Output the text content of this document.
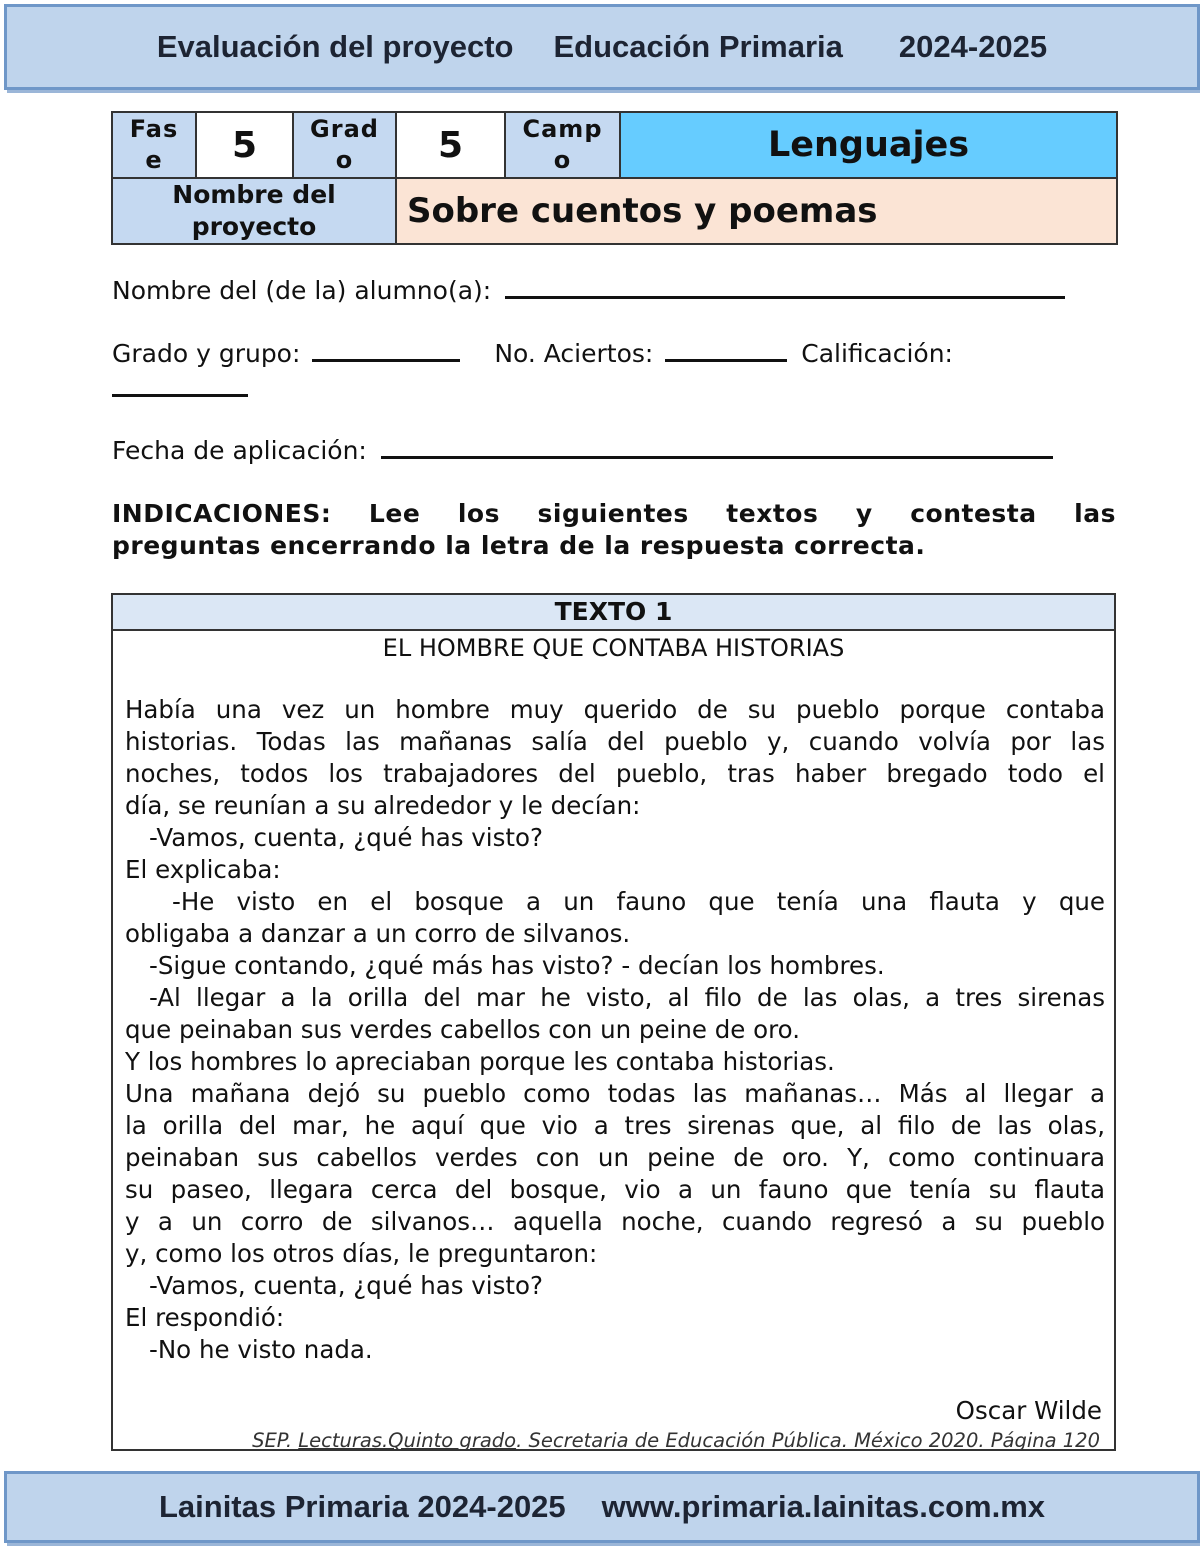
Evaluación del proyecto Educación Primaria 2024-2025
Fase	5	Grado	5	Campo	Lenguajes

Nombre del proyecto			Sobre cuentos y poemas		
Nombre del (de la) alumno(a):
Grado y grupo:	No. Aciertos:	Calificación:
Fecha de aplicación:
INDICACIONES: Lee los siguientes textos y contesta las
preguntas encerrando la letra de la respuesta correcta.
TEXTO 1
EL HOMBRE QUE CONTABA HISTORIAS

Había una vez un hombre muy querido de su pueblo porque contaba

historias. Todas las mañanas salía del pueblo y, cuando volvía por las

noches, todos los trabajadores del pueblo, tras haber bregado todo el

día, se reunían a su alrededor y le decían:

-Vamos, cuenta, ¿qué has visto?

El explicaba:

-He visto en el bosque a un fauno que tenía una flauta y que

obligaba a danzar a un corro de silvanos.

-Sigue contando, ¿qué más has visto? - decían los hombres.

-Al llegar a la orilla del mar he visto, al filo de las olas, a tres sirenas

que peinaban sus verdes cabellos con un peine de oro.

Y los hombres lo apreciaban porque les contaba historias.

Una mañana dejó su pueblo como todas las mañanas… Más al llegar a

la orilla del mar, he aquí que vio a tres sirenas que, al filo de las olas,

peinaban sus cabellos verdes con un peine de oro. Y, como continuara

su paseo, llegara cerca del bosque, vio a un fauno que tenía su flauta

y a un corro de silvanos… aquella noche, cuando regresó a su pueblo

y, como los otros días, le preguntaron:

-Vamos, cuenta, ¿qué has visto?

El respondió:

-No he visto nada.

Oscar Wilde
SEP. Lecturas.Quinto grado. Secretaria de Educación Pública. México 2020. Página 120
Lainitas Primaria 2024-2025 www.primaria.lainitas.com.mx
